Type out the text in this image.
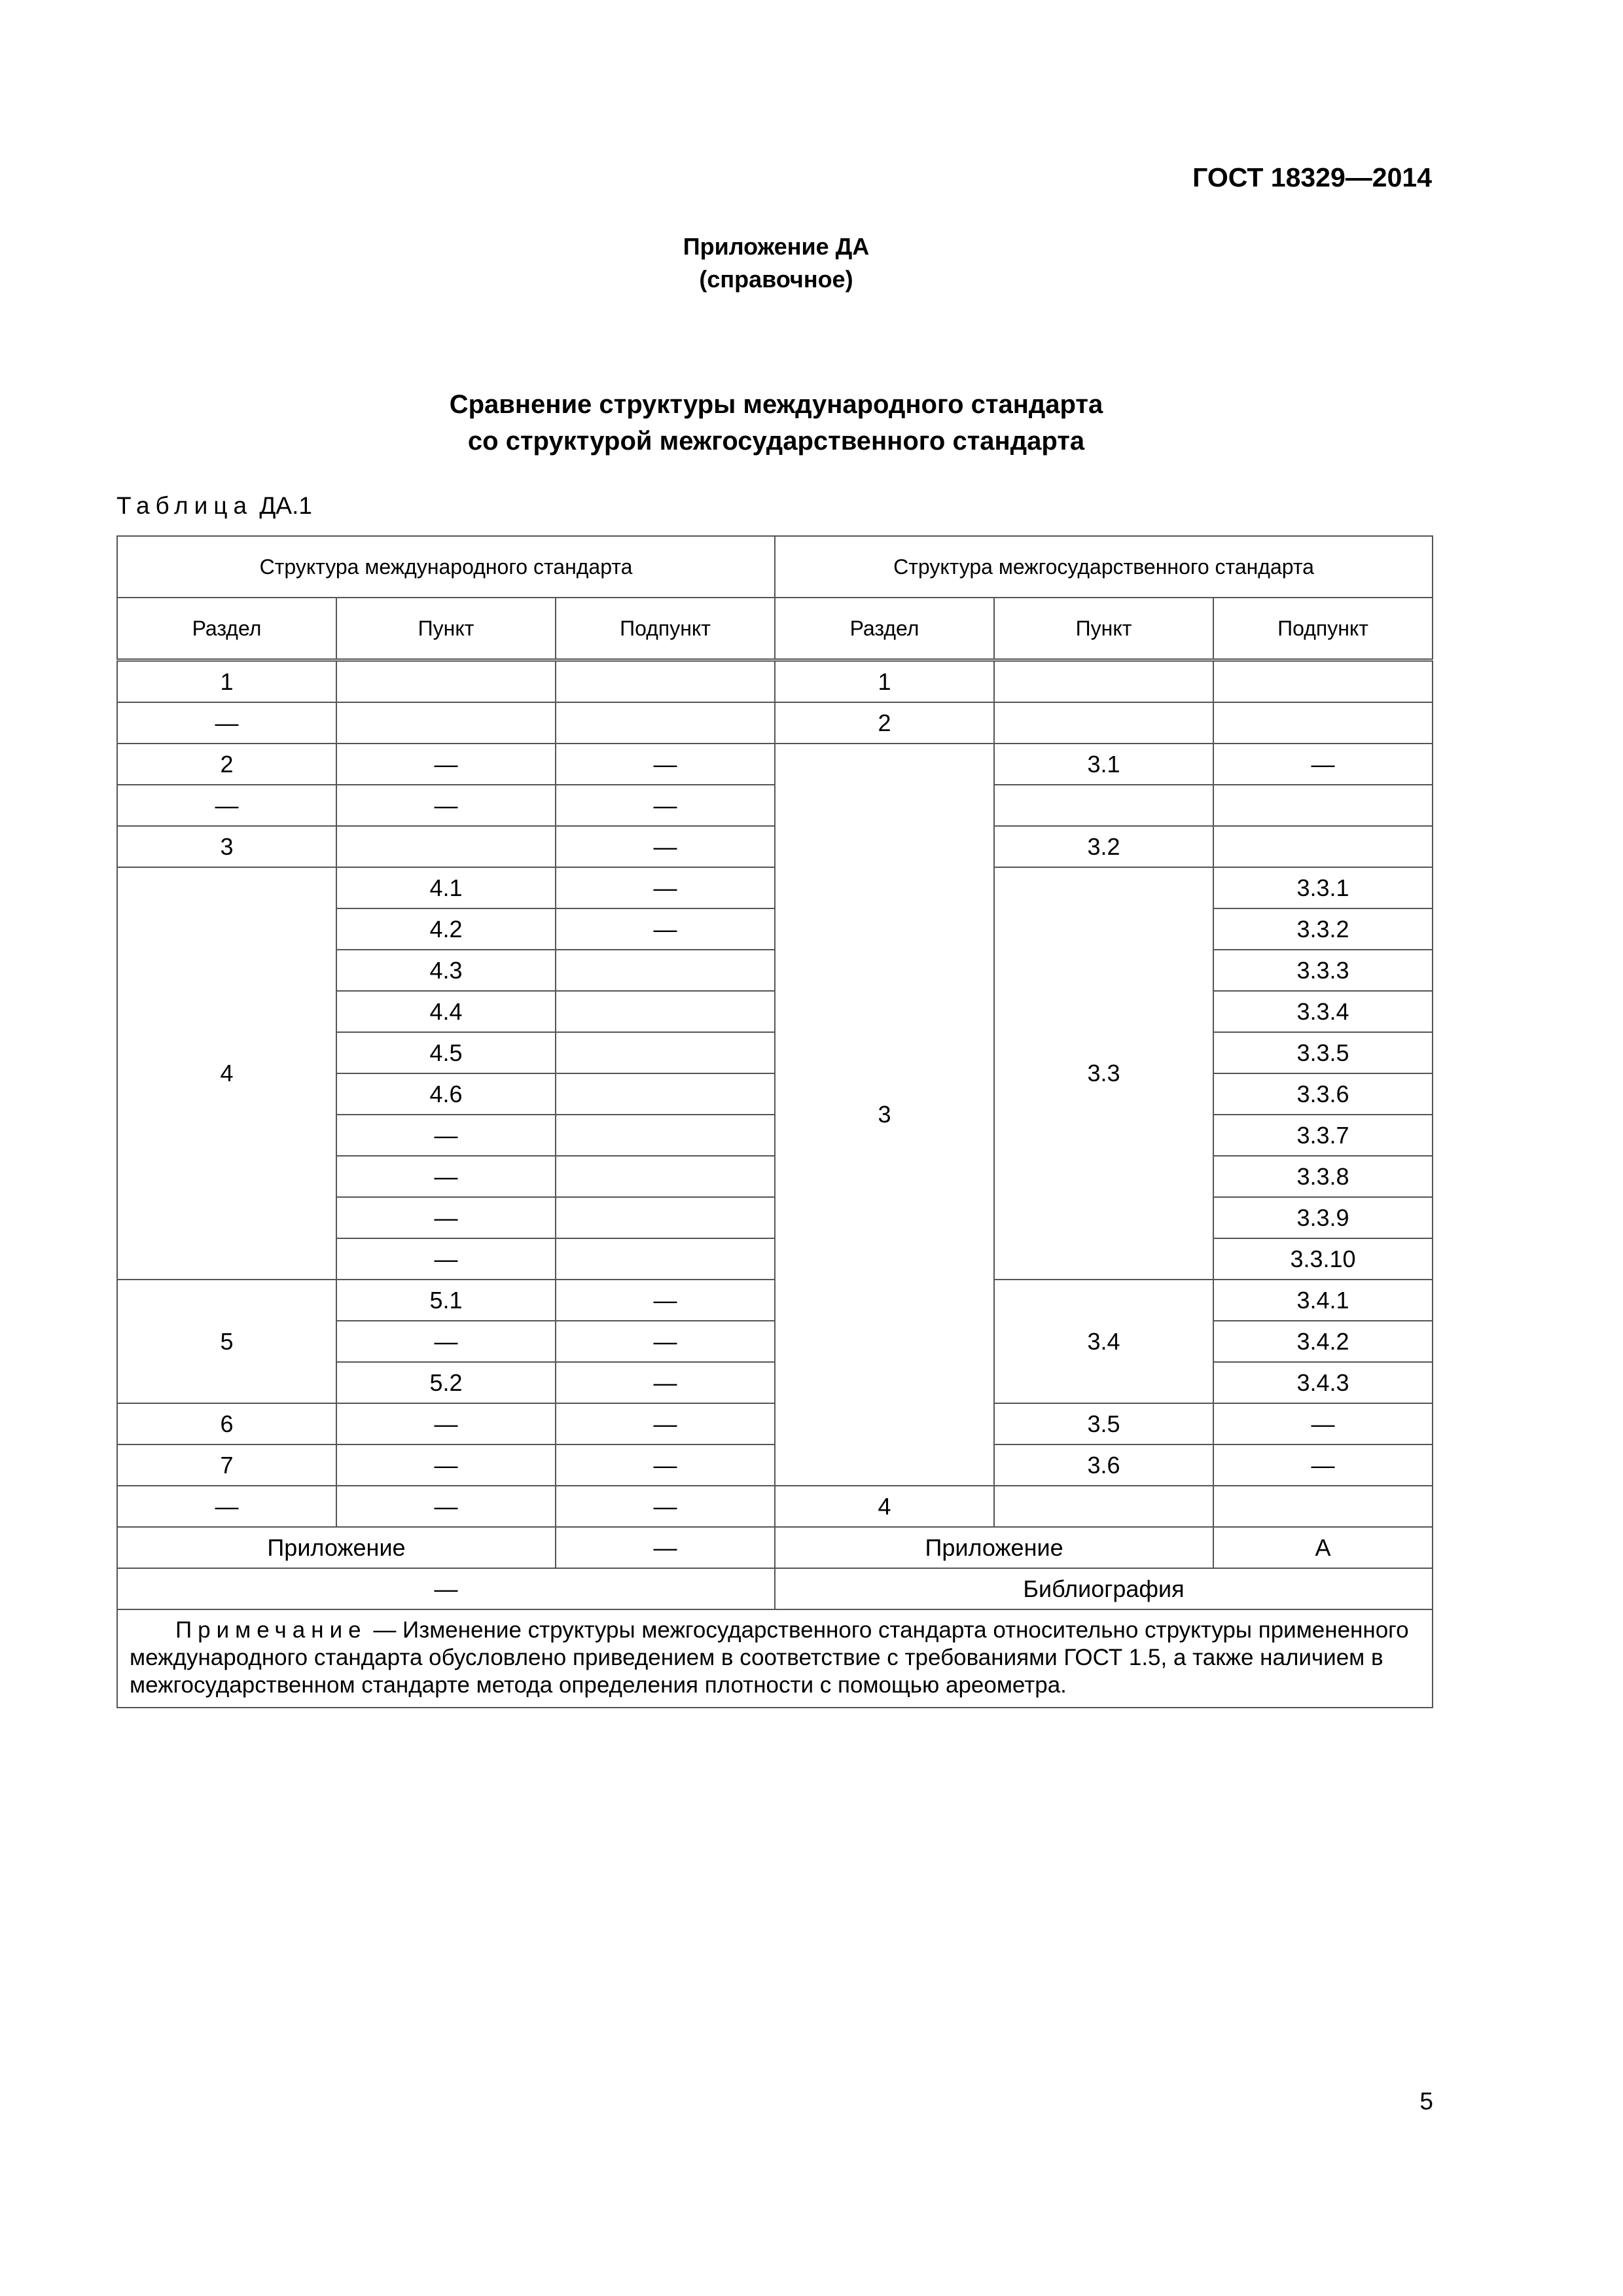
ГОСТ 18329—2014
Приложение ДА
(справочное)
Сравнение структуры международного стандарта
со структурой межгосударственного стандарта
Таблица ДА.1
Структура международного стандарта			Структура межгосударственного стандарта		
Раздел	Пункт	Подпункт	Раздел	Пункт	Подпункт
1			1		
—			2		
2	—	—	3	3.1	—
—	—	—			
3		—		3.2	
4	4.1	—		3.3	3.3.1
	4.2	—			3.3.2
	4.3				3.3.3
	4.4				3.3.4
	4.5				3.3.5
	4.6				3.3.6
	—				3.3.7
	—				3.3.8
	—				3.3.9
	—				3.3.10
5	5.1	—		3.4	3.4.1
	—	—			3.4.2
	5.2	—			3.4.3
6	—	—		3.5	—
7	—	—		3.6	—
—	—	—	4		
Приложение		—	Приложение		А
—			Библиография		
Примечание — Изменение структуры межгосударственного стандарта относительно структуры примененного международного стандарта обусловлено приведением в соответствие с требованиями ГОСТ 1.5, а также наличием в межгосударственном стандарте метода определения плотности с помощью ареометра.					
5
